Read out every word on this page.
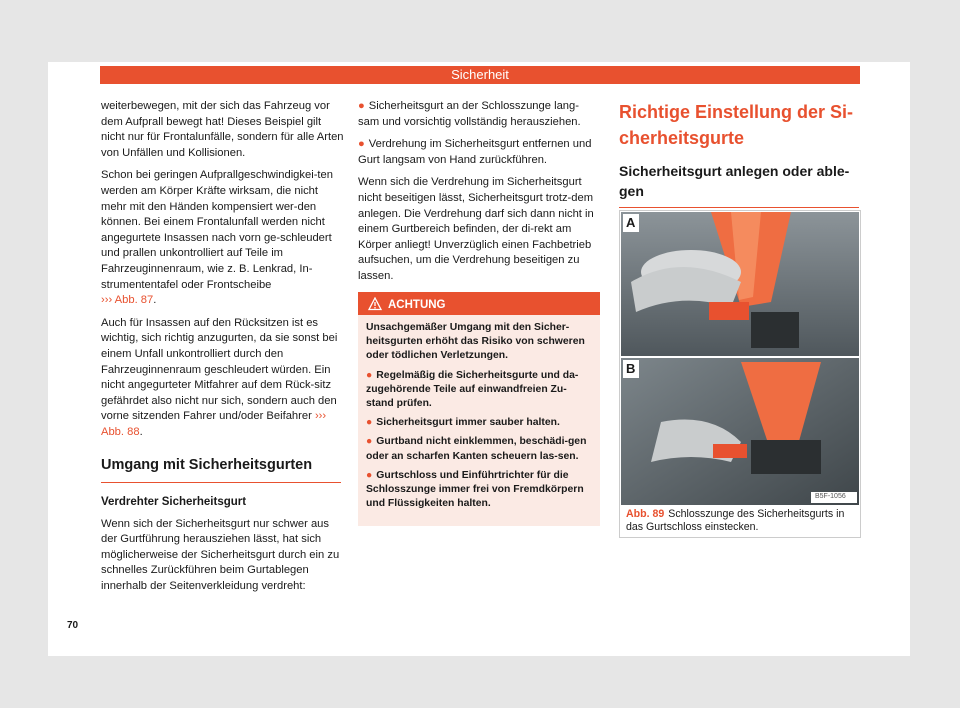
Sicherheit

weiterbewegen, mit der sich das Fahrzeug vor dem Aufprall bewegt hat! Dieses Beispiel gilt nicht nur für Frontalunfälle, sondern für alle Arten von Unfällen und Kollisionen.

Schon bei geringen Aufprallgeschwindigkei-ten werden am Körper Kräfte wirksam, die nicht mehr mit den Händen kompensiert wer-den können. Bei einem Frontalunfall werden nicht angegurtete Insassen nach vorn ge-schleudert und prallen unkontrolliert auf Teile im Fahrzeuginnenraum, wie z. B. Lenkrad, In-strumententafel oder Frontscheibe
››› Abb. 87.

Auch für Insassen auf den Rücksitzen ist es wichtig, sich richtig anzugurten, da sie sonst bei einem Unfall unkontrolliert durch den Fahrzeuginnenraum geschleudert würden. Ein nicht angegurteter Mitfahrer auf dem Rück-sitz gefährdet also nicht nur sich, sondern auch den vorne sitzenden Fahrer und/oder Beifahrer ››› Abb. 88.

Umgang mit Sicherheitsgurten
Verdrehter Sicherheitsgurt

Wenn sich der Sicherheitsgurt nur schwer aus der Gurtführung herausziehen lässt, hat sich möglicherweise der Sicherheitsgurt durch ein zu schnelles Zurückführen beim Gurtablegen innerhalb der Seitenverkleidung verdreht:

● Sicherheitsgurt an der Schlosszunge lang-sam und vorsichtig vollständig herausziehen.

● Verdrehung im Sicherheitsgurt entfernen und Gurt langsam von Hand zurückführen.

Wenn sich die Verdrehung im Sicherheitsgurt nicht beseitigen lässt, Sicherheitsgurt trotz-dem anlegen. Die Verdrehung darf sich dann nicht in einem Gurtbereich befinden, der di-rekt am Körper anliegt! Unverzüglich einen Fachbetrieb aufsuchen, um die Verdrehung beseitigen zu lassen.

ACHTUNG

Unsachgemäßer Umgang mit den Sicher-heitsgurten erhöht das Risiko von schweren oder tödlichen Verletzungen.

● Regelmäßig die Sicherheitsgurte und da-zugehörende Teile auf einwandfreien Zu-stand prüfen.

● Sicherheitsgurt immer sauber halten.

● Gurtband nicht einklemmen, beschädi-gen oder an scharfen Kanten scheuern las-sen.

● Gurtschloss und Einführtrichter für die Schlosszunge immer frei von Fremdkörpern und Flüssigkeiten halten.

Richtige Einstellung der Si-cherheitsgurte
Sicherheitsgurt anlegen oder able-gen
A
B
B5F-1056
Abb. 89 Schlosszunge des Sicherheitsgurts in das Gurtschloss einstecken.
70
